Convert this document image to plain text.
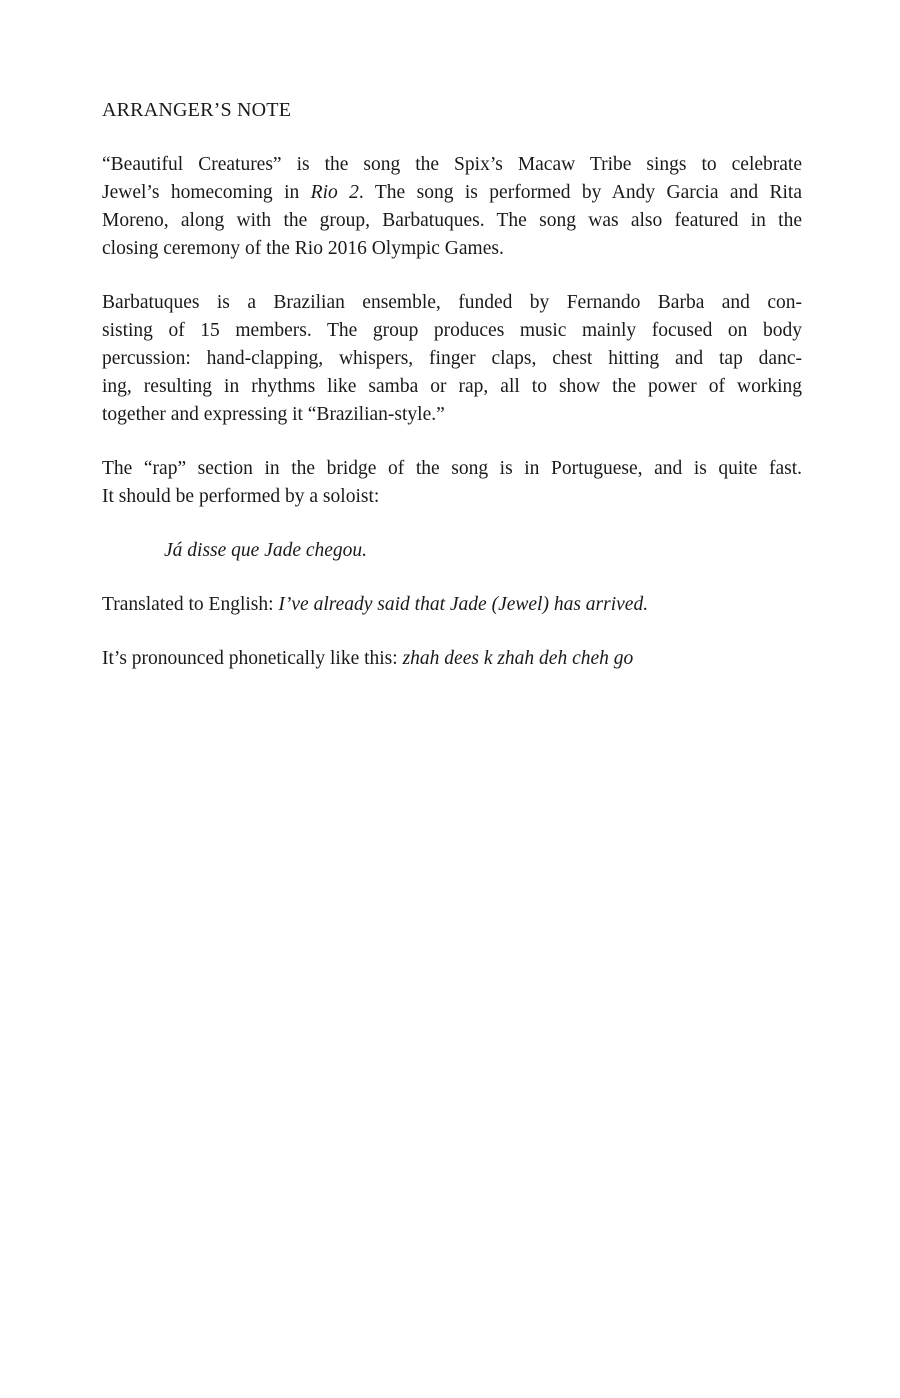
ARRANGER’S NOTE

“Beautiful Creatures” is the song the Spix’s Macaw Tribe sings to celebrate
Jewel’s homecoming in Rio 2. The song is performed by Andy Garcia and Rita
Moreno, along with the group, Barbatuques. The song was also featured in the
closing ceremony of the Rio 2016 Olympic Games.

Barbatuques is a Brazilian ensemble, funded by Fernando Barba and con-
sisting of 15 members. The group produces music mainly focused on body
percussion: hand-clapping, whispers, finger claps, chest hitting and tap danc-
ing, resulting in rhythms like samba or rap, all to show the power of working
together and expressing it “Brazilian-style.”

The “rap” section in the bridge of the song is in Portuguese, and is quite fast.
It should be performed by a soloist:

Já disse que Jade chegou.

Translated to English: I’ve already said that Jade (Jewel) has arrived.

It’s pronounced phonetically like this: zhah dees k zhah deh cheh go
